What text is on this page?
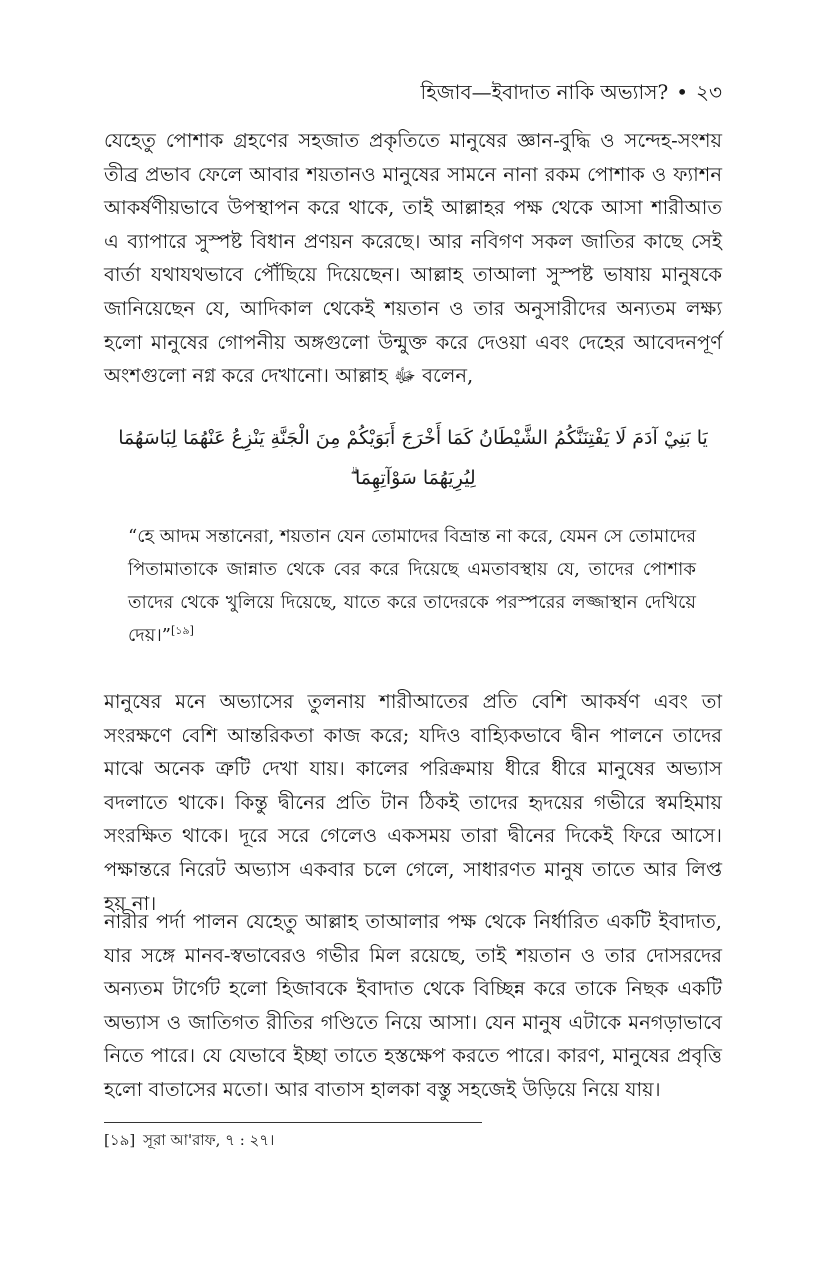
হিজাব—ইবাদাত নাকি অভ্যাস? • ২৩

যেহেতু পোশাক গ্রহণের সহজাত প্রকৃতিতে মানুষের জ্ঞান-বুদ্ধি ও সন্দেহ-সংশয় তীব্র প্রভাব ফেলে আবার শয়তানও মানুষের সামনে নানা রকম পোশাক ও ফ্যাশন আকর্ষণীয়ভাবে উপস্থাপন করে থাকে, তাই আল্লাহর পক্ষ থেকে আসা শারীআত এ ব্যাপারে সুস্পষ্ট বিধান প্রণয়ন করেছে। আর নবিগণ সকল জাতির কাছে সেই বার্তা যথাযথভাবে পৌঁছিয়ে দিয়েছেন। আল্লাহ তাআলা সুস্পষ্ট ভাষায় মানুষকে জানিয়েছেন যে, আদিকাল থেকেই শয়তান ও তার অনুসারীদের অন্যতম লক্ষ্য হলো মানুষের গোপনীয় অঙ্গগুলো উন্মুক্ত করে দেওয়া এবং দেহের আবেদনপূর্ণ অংশগুলো নগ্ন করে দেখানো। আল্লাহ ﷻ বলেন,

يَا بَنِيْ آدَمَ لَا يَفْتِنَنَّكُمُ الشَّيْطَانُ كَمَا أَخْرَجَ أَبَوَيْكُمْ مِنَ الْجَنَّةِ يَنْزِعُ عَنْهُمَا لِبَاسَهُمَا لِيُرِيَهُمَا سَوْآتِهِمَا ۗ

“হে আদম সন্তানেরা, শয়তান যেন তোমাদের বিভ্রান্ত না করে, যেমন সে তোমাদের পিতামাতাকে জান্নাত থেকে বের করে দিয়েছে এমতাবস্থায় যে, তাদের পোশাক তাদের থেকে খুলিয়ে দিয়েছে, যাতে করে তাদেরকে পরস্পরের লজ্জাস্থান দেখিয়ে দেয়।”[১৯]

মানুষের মনে অভ্যাসের তুলনায় শারীআতের প্রতি বেশি আকর্ষণ এবং তা সংরক্ষণে বেশি আন্তরিকতা কাজ করে; যদিও বাহ্যিকভাবে দ্বীন পালনে তাদের মাঝে অনেক ত্রুটি দেখা যায়। কালের পরিক্রমায় ধীরে ধীরে মানুষের অভ্যাস বদলাতে থাকে। কিন্তু দ্বীনের প্রতি টান ঠিকই তাদের হৃদয়ের গভীরে স্বমহিমায় সংরক্ষিত থাকে। দূরে সরে গেলেও একসময় তারা দ্বীনের দিকেই ফিরে আসে। পক্ষান্তরে নিরেট অভ্যাস একবার চলে গেলে, সাধারণত মানুষ তাতে আর লিপ্ত হয় না।

নারীর পর্দা পালন যেহেতু আল্লাহ তাআলার পক্ষ থেকে নির্ধারিত একটি ইবাদাত, যার সঙ্গে মানব-স্বভাবেরও গভীর মিল রয়েছে, তাই শয়তান ও তার দোসরদের অন্যতম টার্গেট হলো হিজাবকে ইবাদাত থেকে বিচ্ছিন্ন করে তাকে নিছক একটি অভ্যাস ও জাতিগত রীতির গণ্ডিতে নিয়ে আসা। যেন মানুষ এটাকে মনগড়াভাবে নিতে পারে। যে যেভাবে ইচ্ছা তাতে হস্তক্ষেপ করতে পারে। কারণ, মানুষের প্রবৃত্তি হলো বাতাসের মতো। আর বাতাস হালকা বস্তু সহজেই উড়িয়ে নিয়ে যায়।

[১৯] সূরা আ'রাফ, ৭ : ২৭।
